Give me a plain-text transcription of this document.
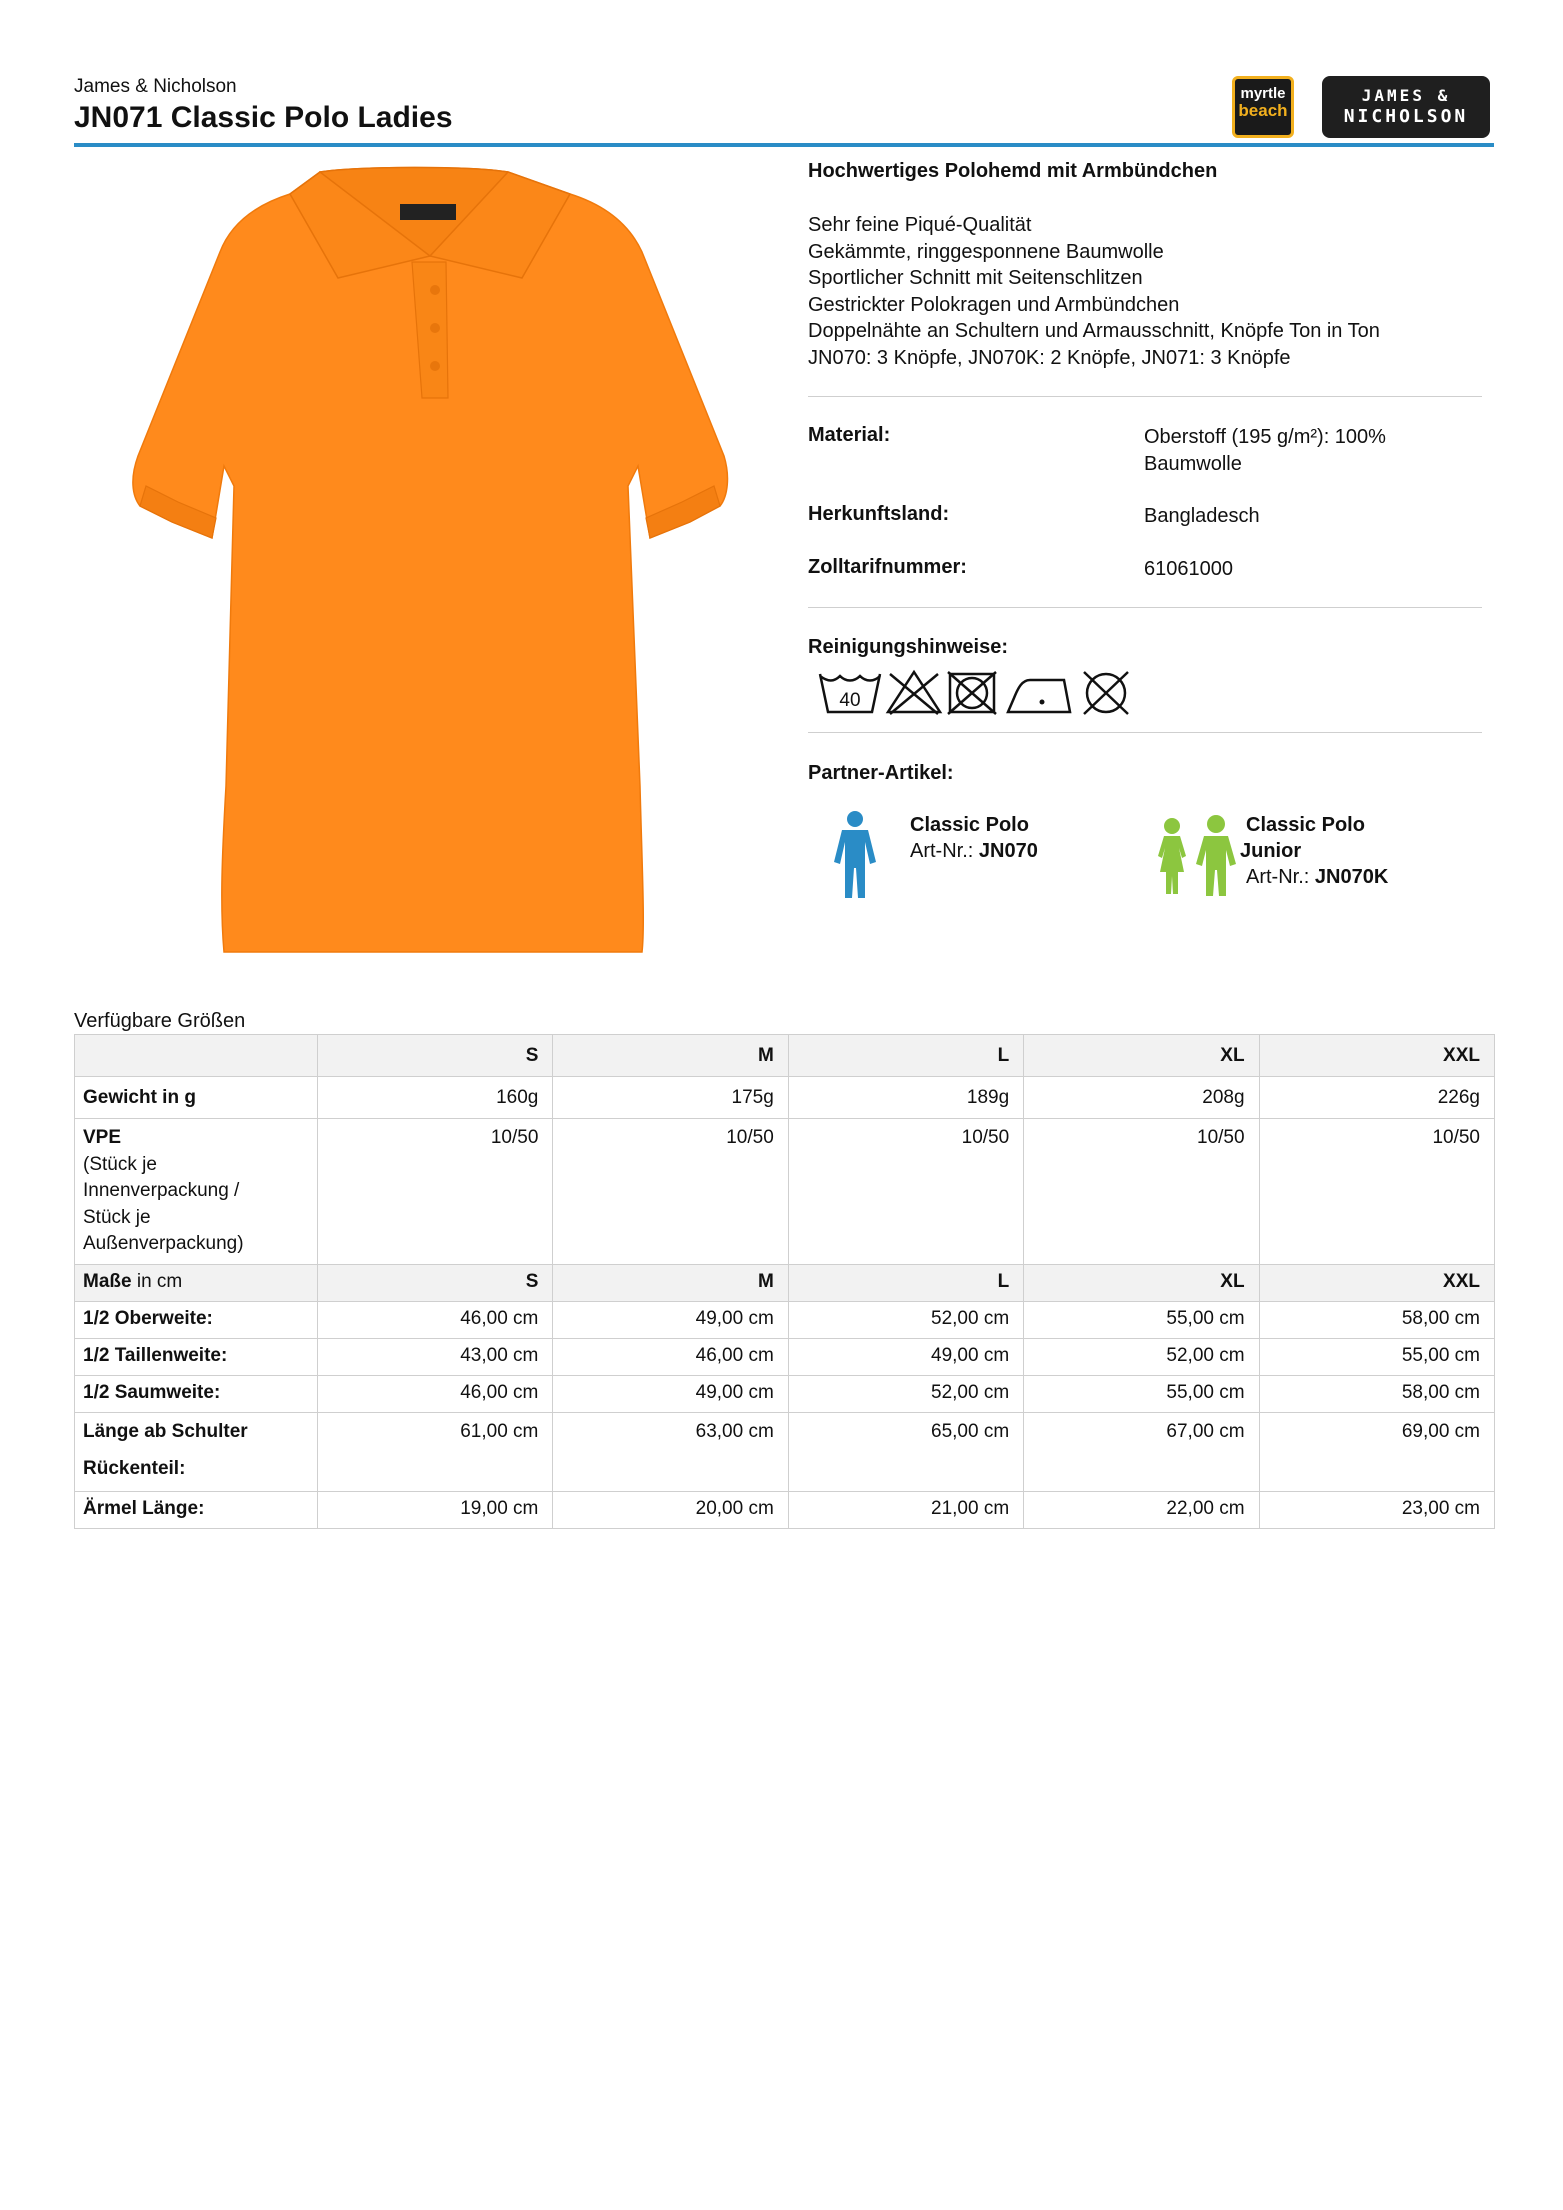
James & Nicholson
JN071 Classic Polo Ladies
myrtle
beach
JAMES &
NICHOLSON
Hochwertiges Polohemd mit Armbündchen
Sehr feine Piqué-Qualität
Gekämmte, ringgesponnene Baumwolle
Sportlicher Schnitt mit Seitenschlitzen
Gestrickter Polokragen und Armbündchen
Doppelnähte an Schultern und Armausschnitt, Knöpfe Ton in Ton
JN070: 3 Knöpfe, JN070K: 2 Knöpfe, JN071: 3 Knöpfe
Material:	Oberstoff (195 g/m²): 100% Baumwolle
Herkunftsland:	Bangladesch
Zolltarifnummer:	61061000
Reinigungshinweise:
40
Partner-Artikel:
Classic Polo
Art-Nr.: JN070
Classic Polo
Junior
Art-Nr.: JN070K
Verfügbare Größen
	S	M	L	XL	XXL
Gewicht in g	160g	175g	189g	208g	226g

VPE
(Stück je
Innenverpackung /
Stück je
Außenverpackung)	10/50	10/50	10/50	10/50	10/50
Maße in cm	S	M	L	XL	XXL
1/2 Oberweite:	46,00 cm	49,00 cm	52,00 cm	55,00 cm	58,00 cm
1/2 Taillenweite:	43,00 cm	46,00 cm	49,00 cm	52,00 cm	55,00 cm
1/2 Saumweite:	46,00 cm	49,00 cm	52,00 cm	55,00 cm	58,00 cm

Länge ab Schulter
Rückenteil:	61,00 cm	63,00 cm	65,00 cm	67,00 cm	69,00 cm
Ärmel Länge:	19,00 cm	20,00 cm	21,00 cm	22,00 cm	23,00 cm
